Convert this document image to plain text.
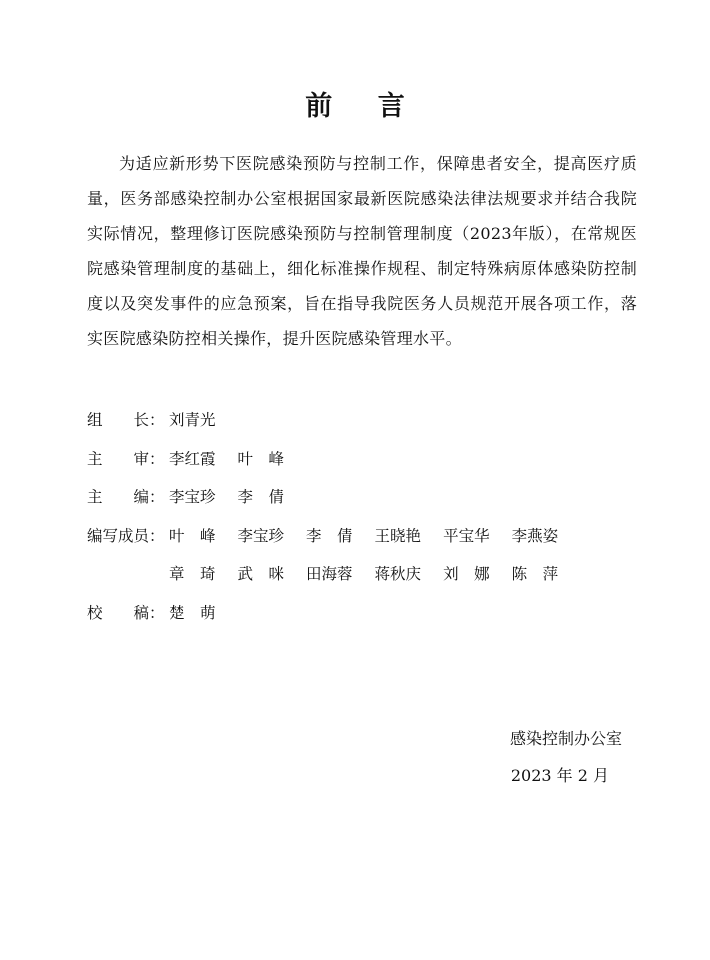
前 言

为适应新形势下医院感染预防与控制工作，保障患者安全，提高医疗质量，医务部感染控制办公室根据国家最新医院感染法律法规要求并结合我院实际情况，整理修订医院感染预防与控制管理制度（2023年版），在常规医院感染管理制度的基础上，细化标准操作规程、制定特殊病原体感染防控制度以及突发事件的应急预案，旨在指导我院医务人员规范开展各项工作，落实医院感染防控相关操作，提升医院感染管理水平。

组　　长： 刘青光
主　　审： 李红霞 叶　峰
主　　编： 李宝珍 李　倩
编写成员： 叶　峰 李宝珍 李　倩 王晓艳 平宝华 李燕姿
章　琦 武　咪 田海蓉 蒋秋庆 刘　娜 陈　萍
校　　稿： 楚　萌
感染控制办公室
2023 年 2 月
